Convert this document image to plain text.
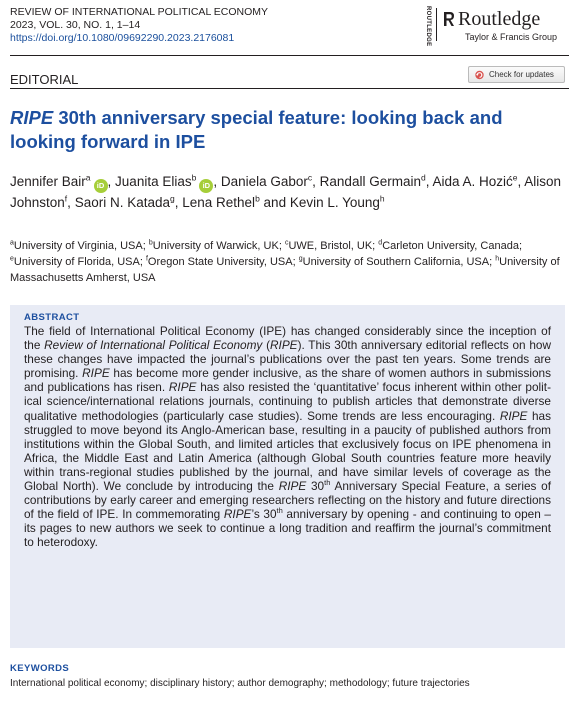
REVIEW OF INTERNATIONAL POLITICAL ECONOMY
2023, VOL. 30, NO. 1, 1–14
https://doi.org/10.1080/09692290.2023.2176081	ROUTLEDGE Routledge
Taylor & Francis Group
EDITORIAL	Check for updates
RIPE 30th anniversary special feature: looking back and looking forward in IPE
Jennifer Bair$^a$iD , Juanita Elias$^b$iD , Daniela Gabor$^c$, Randall Germain$^d$, Aida A. Hozić$^e$, Alison Johnston$^f$, Saori N. Katada$^g$, Lena Rethel$^b$ and Kevin L. Young$^h$
$^a$University of Virginia, USA; $^b$University of Warwick, UK; $^c$UWE, Bristol, UK; $^d$Carleton University, Canada; $^e$University of Florida, USA; $^f$Oregon State University, USA; $^g$University of Southern California, USA; $^h$University of Massachusetts Amherst, USA
ABSTRACT
The field of International Political Economy (IPE) has changed considerably since the inception of the Review of International Political Economy (RIPE). This 30th anniversary editorial reflects on how these changes have impacted the journal’s publications over the past ten years. Some trends are promising. RIPE has become more gender inclusive, as the share of women authors in submissions and publications has risen. RIPE has also resisted the ‘quantitative’ focus inherent within other political science/international relations journals, continuing to publish articles that demonstrate diverse qualitative methodologies (particularly case studies). Some trends are less encouraging. RIPE has struggled to move beyond its Anglo-American base, resulting in a paucity of published authors from institutions within the Global South, and limited articles that exclusively focus on IPE phenomena in Africa, the Middle East and Latin America (although Global South countries feature more heavily within trans-regional studies published by the journal, and have similar levels of coverage as the Global North). We conclude by introducing the RIPE 30th Anniversary Special Feature, a series of contributions by early career and emerging researchers reflecting on the history and future directions of the field of IPE. In commemorating RIPE’s 30th anniversary by opening - and continuing to open – its pages to new authors we seek to continue a long tradition and reaffirm the journal’s commitment to heterodoxy.
KEYWORDS
International political economy; disciplinary history; author demography; methodology; future trajectories
